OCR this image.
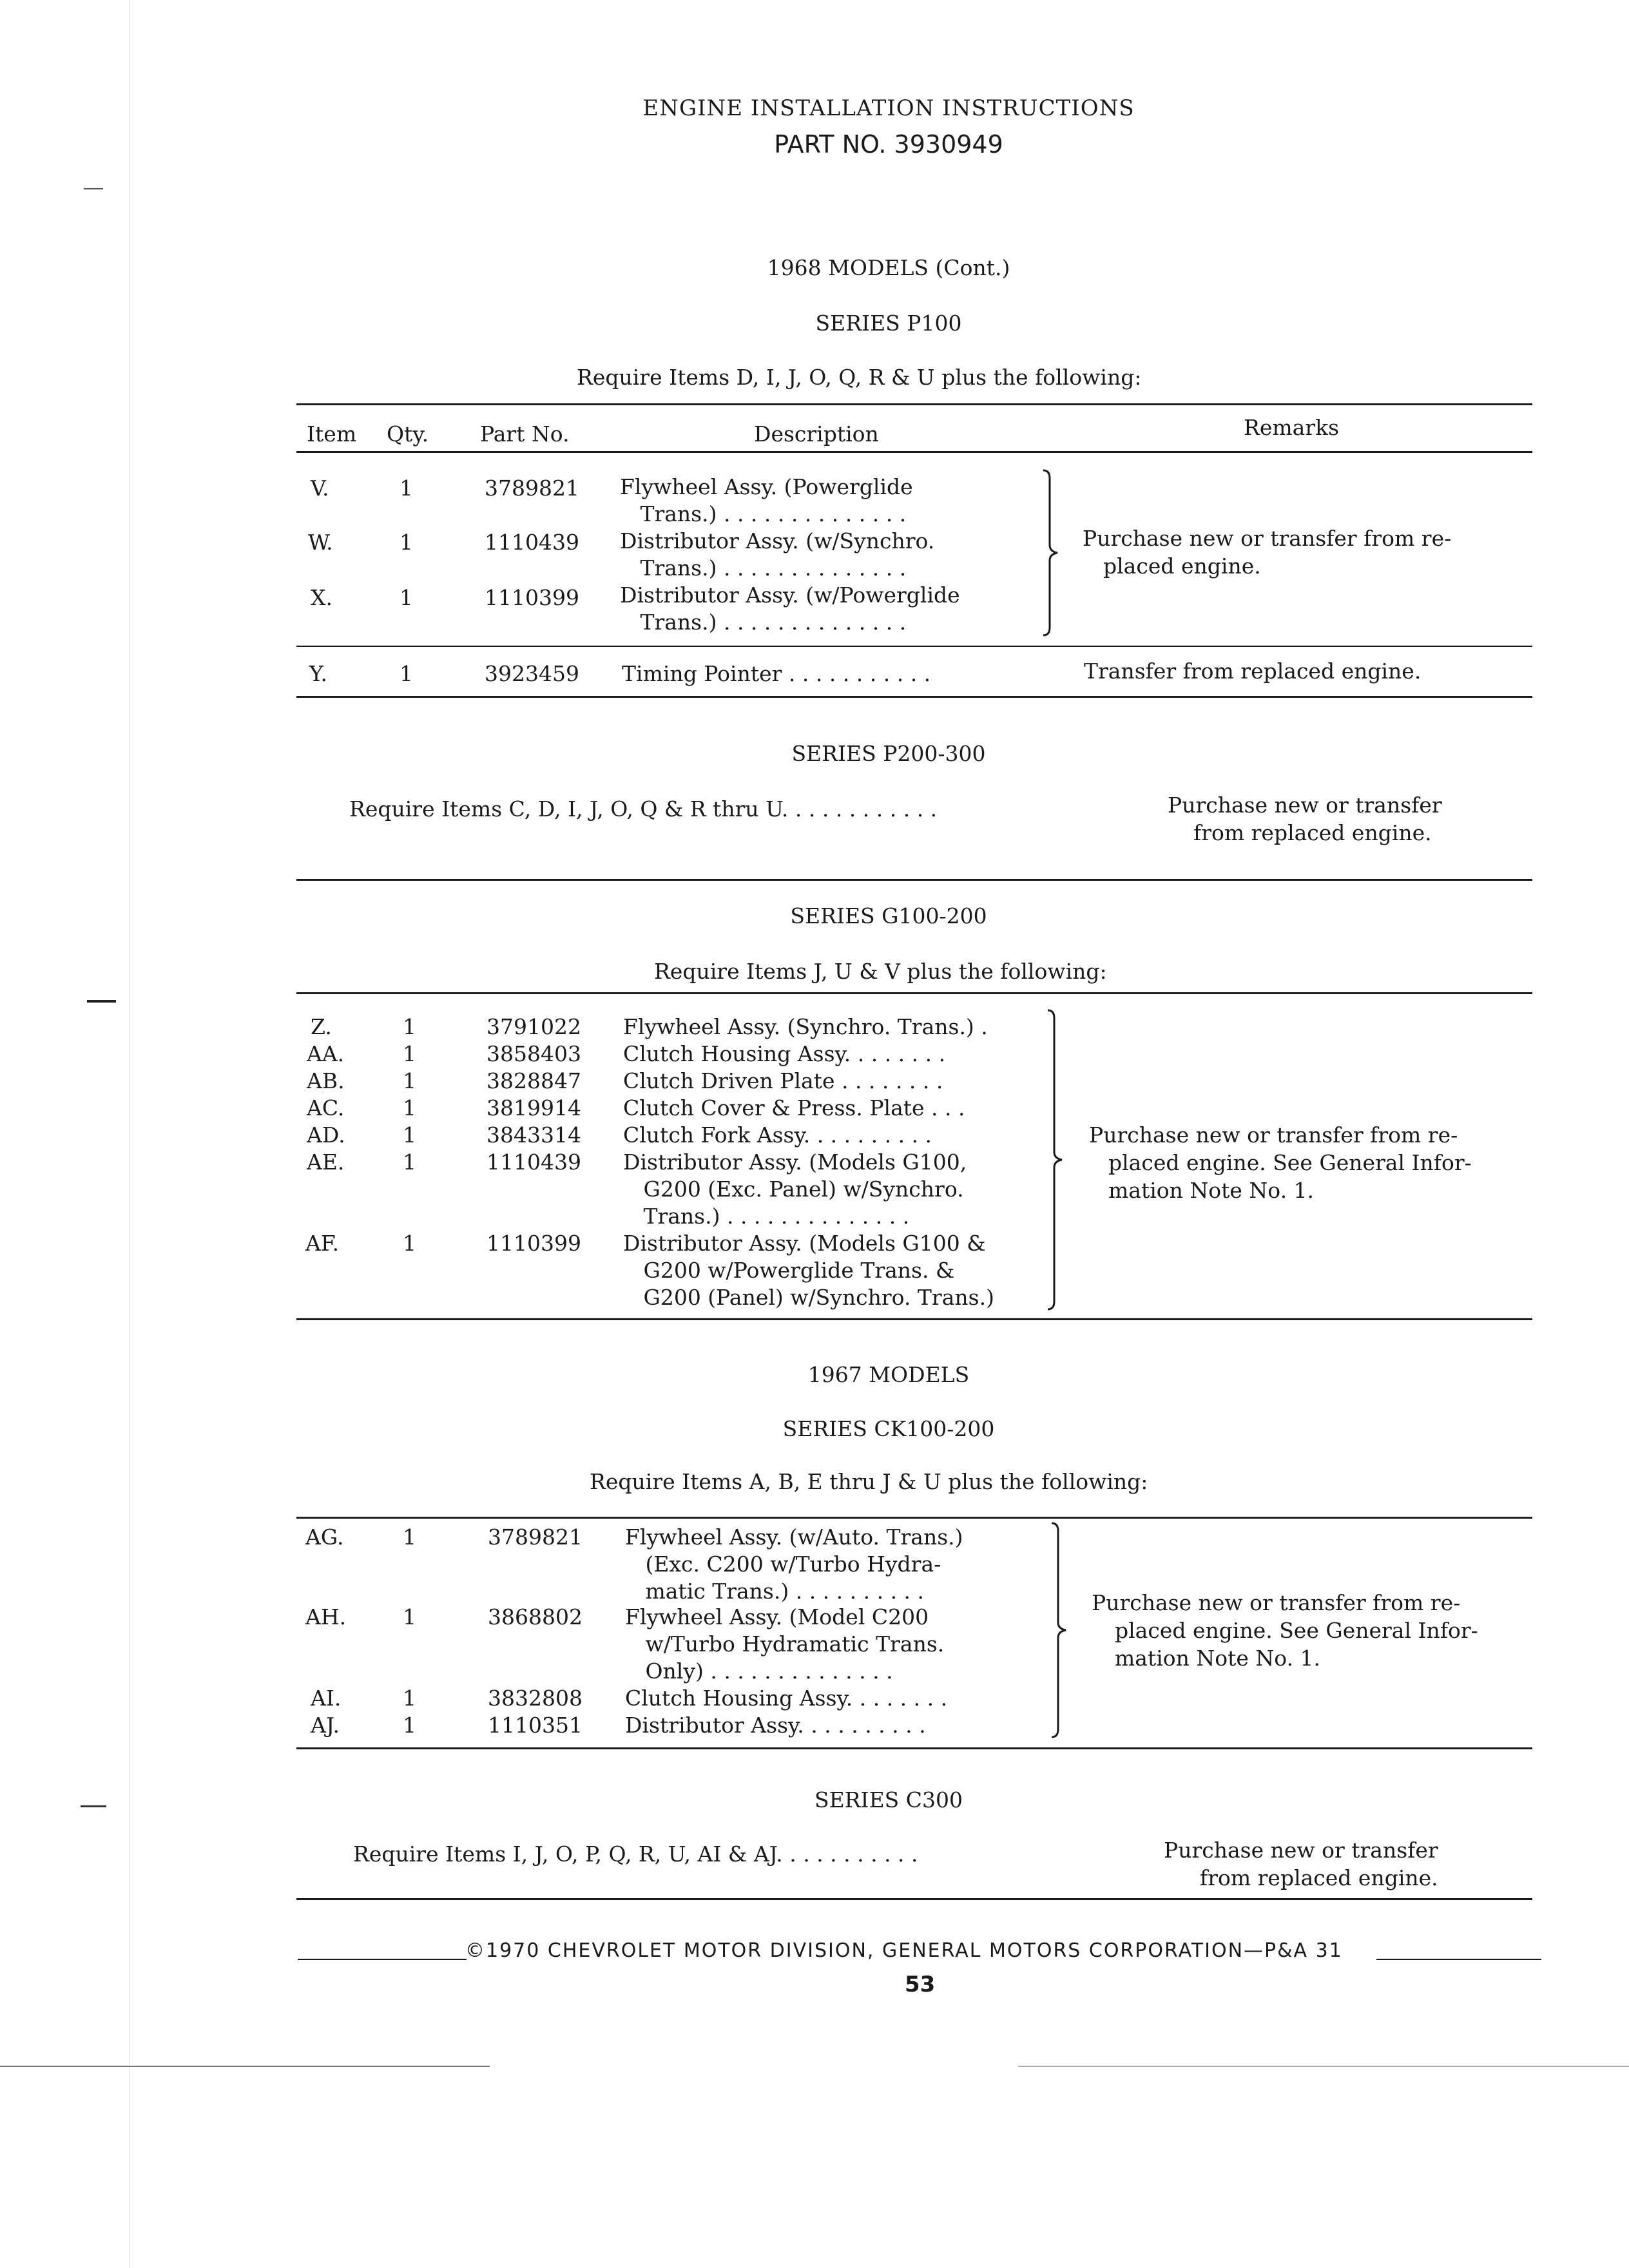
ENGINE INSTALLATION INSTRUCTIONS
PART NO. 3930949
1968 MODELS (Cont.)
SERIES P100
Require Items D, I, J, O, Q, R & U plus the following:
Item	Qty. Part No.	Description	Remarks
V.	1	3789821 Flywheel Assy. (Powerglide
Trans.) . . . . . . . . . . . . . .
W.	1	1110439 Distributor Assy. (w/Synchro.
Trans.) . . . . . . . . . . . . . .
X.	1	1110399 Distributor Assy. (w/Powerglide
Trans.) . . . . . . . . . . . . . .
Purchase new or transfer from re-
placed engine.
Y.	1	3923459 Timing Pointer . . . . . . . . . . .	Transfer from replaced engine.
SERIES P200-300
Require Items C, D, I, J, O, Q & R thru U. . . . . . . . . . . .	Purchase new or transfer
from replaced engine.
SERIES G100-200
Require Items J, U & V plus the following:
Z.	1	3791022 Flywheel Assy. (Synchro. Trans.) .
AA.	1	3858403 Clutch Housing Assy. . . . . . . .
AB.	1	3828847 Clutch Driven Plate . . . . . . . .
AC.	1	3819914 Clutch Cover & Press. Plate . . .
AD.	1	3843314 Clutch Fork Assy. . . . . . . . . .
AE.	1	1110439 Distributor Assy. (Models G100,
G200 (Exc. Panel) w/Synchro.
Trans.) . . . . . . . . . . . . . .
AF.	1	1110399 Distributor Assy. (Models G100 &
G200 w/Powerglide Trans. &
G200 (Panel) w/Synchro. Trans.)
Purchase new or transfer from re-
placed engine. See General Infor-
mation Note No. 1.
1967 MODELS
SERIES CK100-200
Require Items A, B, E thru J & U plus the following:
AG.	1	3789821 Flywheel Assy. (w/Auto. Trans.)
(Exc. C200 w/Turbo Hydra-
matic Trans.) . . . . . . . . . .
AH.	1	3868802 Flywheel Assy. (Model C200
w/Turbo Hydramatic Trans.
Only) . . . . . . . . . . . . . .
AI.	1	3832808 Clutch Housing Assy. . . . . . . .
AJ.	1	1110351 Distributor Assy. . . . . . . . . .
Purchase new or transfer from re-
placed engine. See General Infor-
mation Note No. 1.
SERIES C300
Require Items I, J, O, P, Q, R, U, AI & AJ. . . . . . . . . . .	Purchase new or transfer
from replaced engine.
©1970 CHEVROLET MOTOR DIVISION, GENERAL MOTORS CORPORATION—P&A 31
53
